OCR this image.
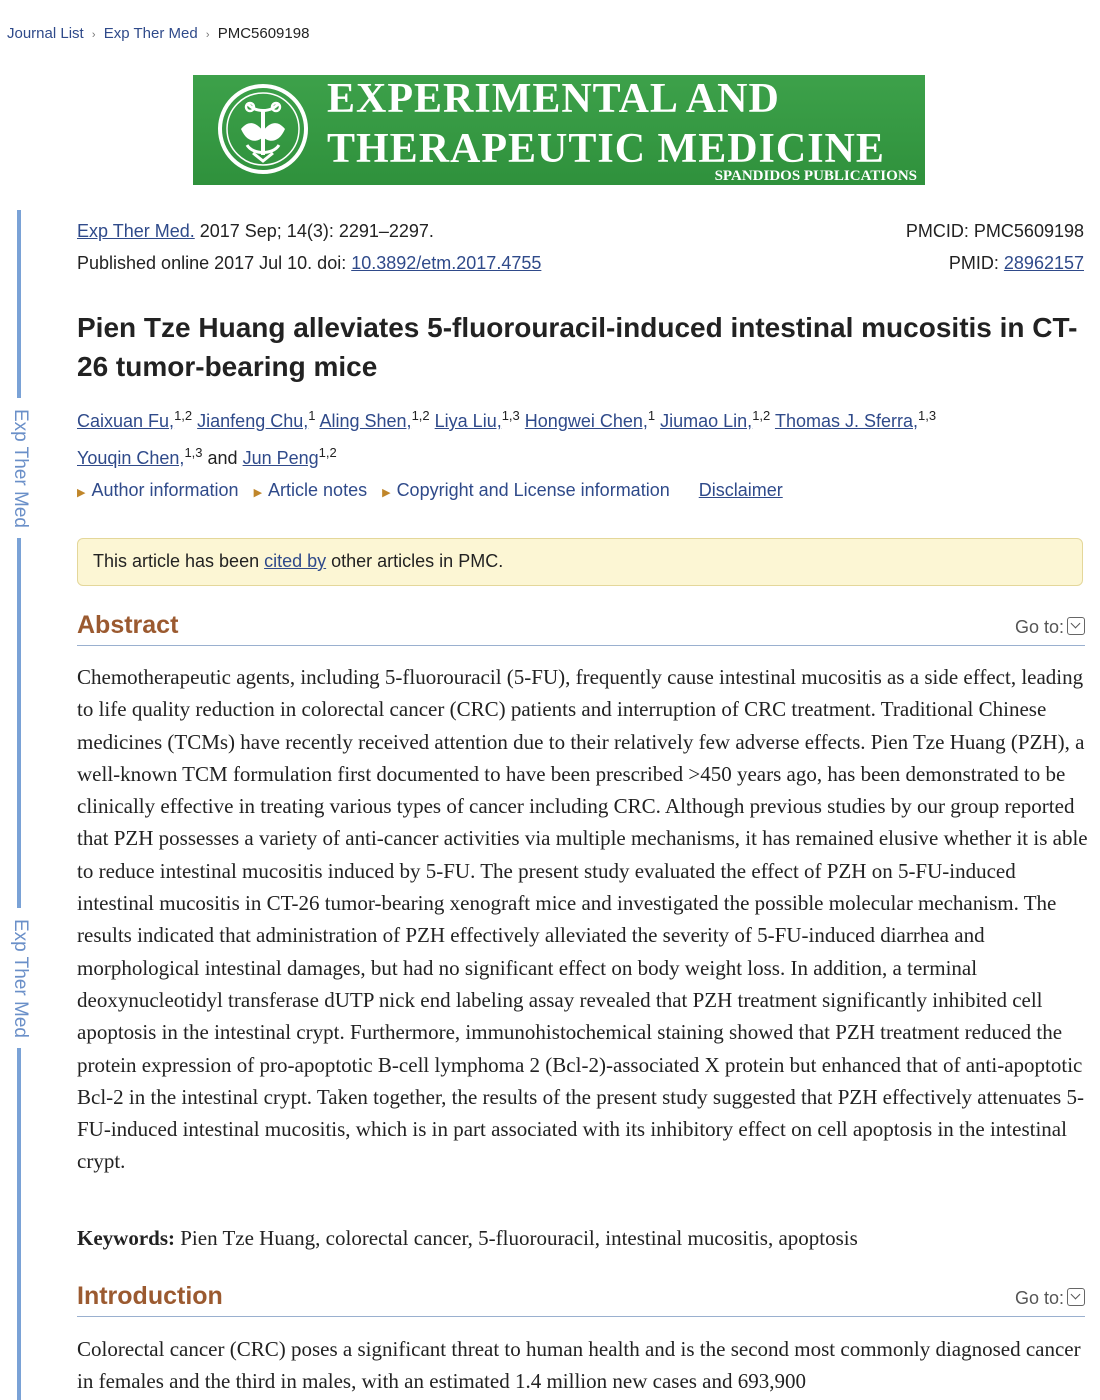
Journal List › Exp Ther Med › PMC5609198
EXPERIMENTAL AND
THERAPEUTIC MEDICINE
SPANDIDOS PUBLICATIONS
Exp Ther Med
Exp Ther Med
Exp Ther Med. 2017 Sep; 14(3): 2291–2297.
Published online 2017 Jul 10. doi: 10.3892/etm.2017.4755
PMCID: PMC5609198
PMID: 28962157
Pien Tze Huang alleviates 5-fluorouracil-induced intestinal mucositis in CT-26 tumor-bearing mice
Caixuan Fu,$^{1,2}$ Jianfeng Chu,$^1$ Aling Shen,$^{1,2}$ Liya Liu,$^{1,3}$ Hongwei Chen,$^1$ Jiumao Lin,$^{1,2}$ Thomas J. Sferra,$^{1,3}$
Youqin Chen,$^{1,3}$ and Jun Peng$^{1,2}$
▶ Author information ▶ Article notes ▶ Copyright and License information Disclaimer
This article has been cited by other articles in PMC.
Abstract	Go to:
Chemotherapeutic agents, including 5-fluorouracil (5-FU), frequently cause intestinal mucositis as a side effect, leading to life quality reduction in colorectal cancer (CRC) patients and interruption of CRC treatment. Traditional Chinese medicines (TCMs) have recently received attention due to their relatively few adverse effects. Pien Tze Huang (PZH), a well-known TCM formulation first documented to have been prescribed >450 years ago, has been demonstrated to be clinically effective in treating various types of cancer including CRC. Although previous studies by our group reported that PZH possesses a variety of anti-cancer activities via multiple mechanisms, it has remained elusive whether it is able to reduce intestinal mucositis induced by 5-FU. The present study evaluated the effect of PZH on 5-FU-induced intestinal mucositis in CT-26 tumor-bearing xenograft mice and investigated the possible molecular mechanism. The results indicated that administration of PZH effectively alleviated the severity of 5-FU-induced diarrhea and morphological intestinal damages, but had no significant effect on body weight loss. In addition, a terminal deoxynucleotidyl transferase dUTP nick end labeling assay revealed that PZH treatment significantly inhibited cell apoptosis in the intestinal crypt. Furthermore, immunohistochemical staining showed that PZH treatment reduced the protein expression of pro-apoptotic B-cell lymphoma 2 (Bcl-2)-associated X protein but enhanced that of anti-apoptotic Bcl-2 in the intestinal crypt. Taken together, the results of the present study suggested that PZH effectively attenuates 5-FU-induced intestinal mucositis, which is in part associated with its inhibitory effect on cell apoptosis in the intestinal crypt.
Keywords: Pien Tze Huang, colorectal cancer, 5-fluorouracil, intestinal mucositis, apoptosis
Introduction	Go to:
Colorectal cancer (CRC) poses a significant threat to human health and is the second most commonly diagnosed cancer in females and the third in males, with an estimated 1.4 million new cases and 693,900
